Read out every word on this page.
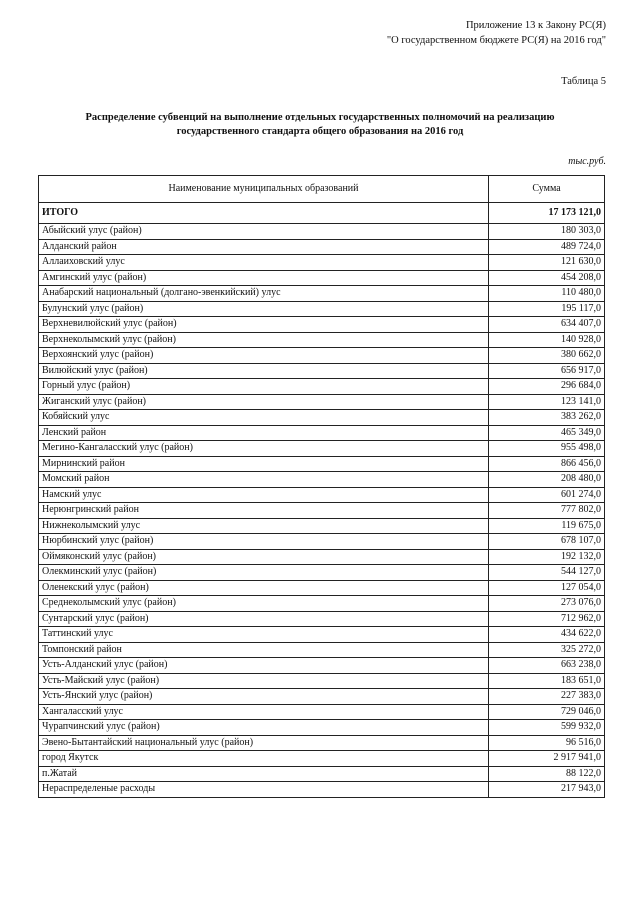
Приложение 13 к Закону РС(Я)
"О государственном бюджете РС(Я) на 2016 год"
Таблица 5
Распределение субвенций на выполнение отдельных государственных полномочий на реализацию
государственного стандарта общего образования на 2016 год
тыс.руб.
Наименование муниципальных образований	Сумма
ИТОГО	17 173 121,0
Абыйский улус (район)	180 303,0
Алданский район	489 724,0
Аллаиховский улус	121 630,0
Амгинский улус (район)	454 208,0
Анабарский национальный (долгано-эвенкийский) улус	110 480,0
Булунский улус (район)	195 117,0
Верхневилюйский улус (район)	634 407,0
Верхнеколымский улус (район)	140 928,0
Верхоянский улус (район)	380 662,0
Вилюйский улус (район)	656 917,0
Горный улус (район)	296 684,0
Жиганский улус (район)	123 141,0
Кобяйский улус	383 262,0
Ленский район	465 349,0
Мегино-Кангаласский улус (район)	955 498,0
Мирнинский район	866 456,0
Момский район	208 480,0
Намский улус	601 274,0
Нерюнгринский район	777 802,0
Нижнеколымский улус	119 675,0
Нюрбинский улус (район)	678 107,0
Оймяконский улус (район)	192 132,0
Олекминский улус (район)	544 127,0
Оленекский улус (район)	127 054,0
Среднеколымский улус (район)	273 076,0
Сунтарский улус (район)	712 962,0
Таттинский улус	434 622,0
Томпонский район	325 272,0
Усть-Алданский улус (район)	663 238,0
Усть-Майский улус (район)	183 651,0
Усть-Янский улус (район)	227 383,0
Хангаласский улус	729 046,0
Чурапчинский улус (район)	599 932,0
Эвено-Бытантайский национальный улус (район)	96 516,0
город Якутск	2 917 941,0
п.Жатай	88 122,0
Нераспределеные расходы	217 943,0
